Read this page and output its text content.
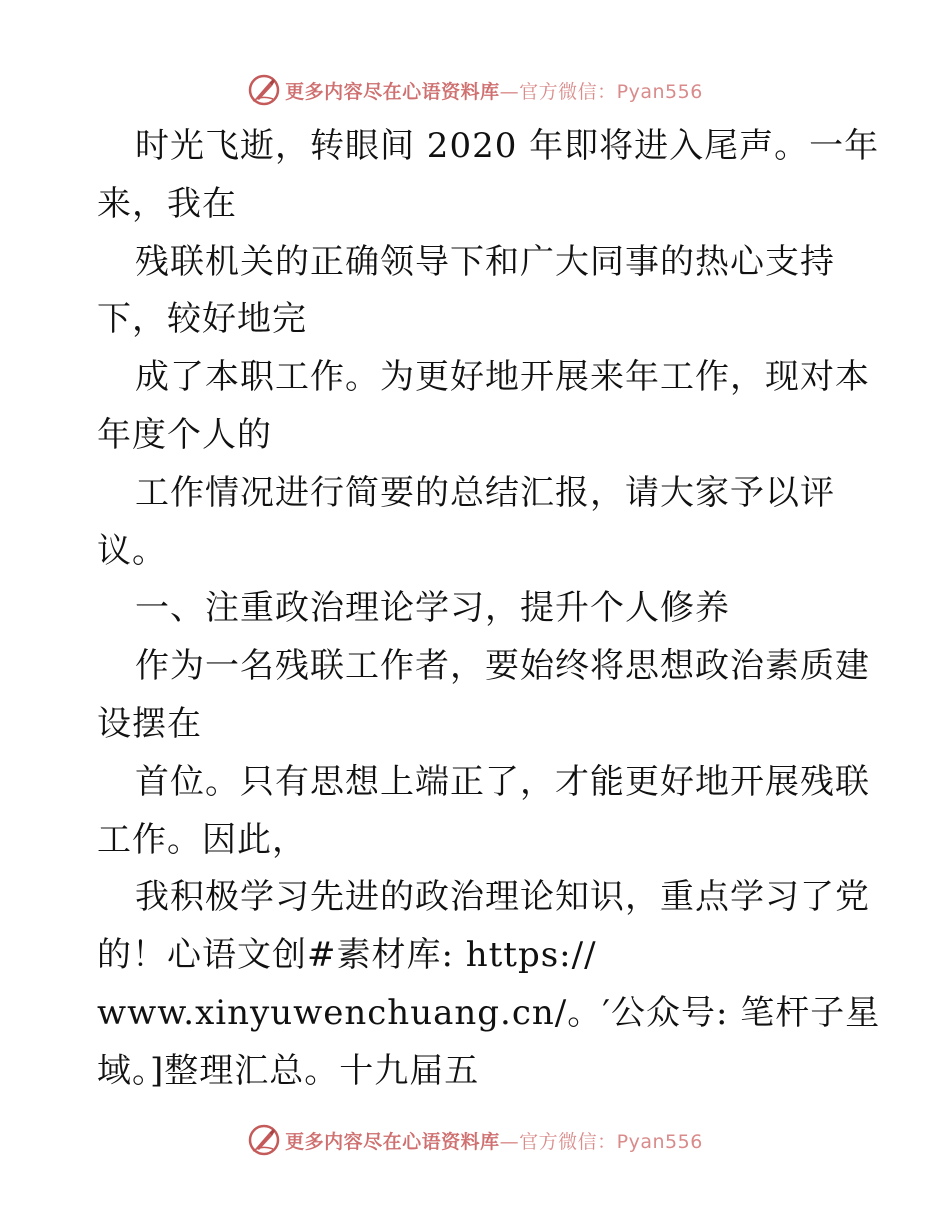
更多内容尽在心语资料库—官方微信：Pyan556
时光飞逝，转眼间 2020 年即将进入尾声。一年
来，我在
残联机关的正确领导下和广大同事的热心支持
下，较好地完
成了本职工作。为更好地开展来年工作，现对本
年度个人的
工作情况进行简要的总结汇报，请大家予以评
议。
一、注重政治理论学习，提升个人修养
作为一名残联工作者，要始终将思想政治素质建
设摆在
首位。只有思想上端正了，才能更好地开展残联
工作。因此，
我积极学习先进的政治理论知识，重点学习了党
的！心语文创#素材库: https://
www.xinyuwenchuang.cn/。′公众号: 笔杆子星
域。]整理汇总。十九届五
更多内容尽在心语资料库—官方微信：Pyan556
